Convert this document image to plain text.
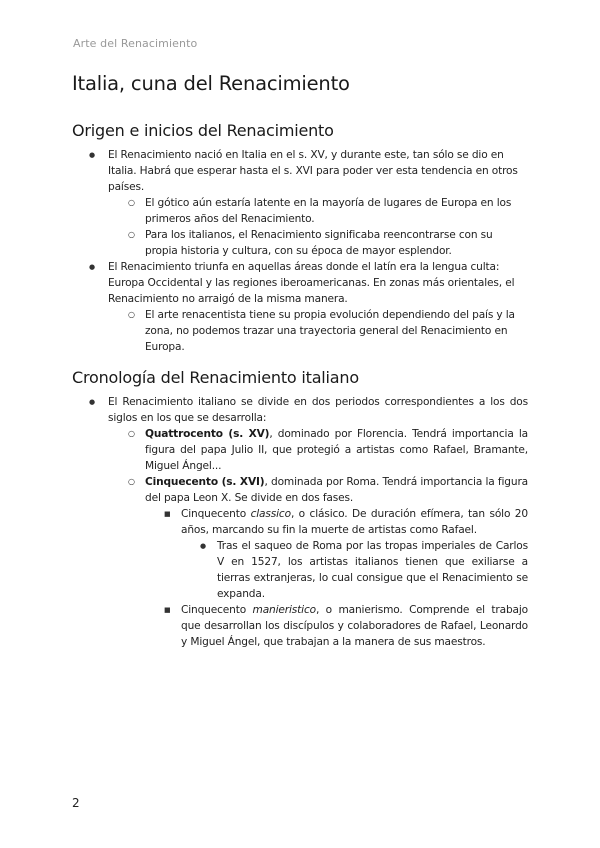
Arte del Renacimiento
Italia, cuna del Renacimiento
Origen e inicios del Renacimiento
● El Renacimiento nació en Italia en el s. XV, y durante este, tan sólo se dio en Italia. Habrá que esperar hasta el s. XVI para poder ver esta tendencia en otros países.
○ El gótico aún estaría latente en la mayoría de lugares de Europa en los primeros años del Renacimiento.
○ Para los italianos, el Renacimiento significaba reencontrarse con su propia historia y cultura, con su época de mayor esplendor.
● El Renacimiento triunfa en aquellas áreas donde el latín era la lengua culta: Europa Occidental y las regiones iberoamericanas. En zonas más orientales, el Renacimiento no arraigó de la misma manera.
○ El arte renacentista tiene su propia evolución dependiendo del país y la zona, no podemos trazar una trayectoria general del Renacimiento en Europa.
Cronología del Renacimiento italiano
● El Renacimiento italiano se divide en dos periodos correspondientes a los dos siglos en los que se desarrolla:
○ Quattrocento (s. XV), dominado por Florencia. Tendrá importancia la figura del papa Julio II, que protegió a artistas como Rafael, Bramante, Miguel Ángel...
○ Cinquecento (s. XVI), dominada por Roma. Tendrá importancia la figura del papa Leon X. Se divide en dos fases.
■ Cinquecento classico, o clásico. De duración efímera, tan sólo 20 años, marcando su fin la muerte de artistas como Rafael.
● Tras el saqueo de Roma por las tropas imperiales de Carlos V en 1527, los artistas italianos tienen que exiliarse a tierras extranjeras, lo cual consigue que el Renacimiento se expanda.
■ Cinquecento manieristico, o manierismo. Comprende el trabajo que desarrollan los discípulos y colaboradores de Rafael, Leonardo y Miguel Ángel, que trabajan a la manera de sus maestros.
2
